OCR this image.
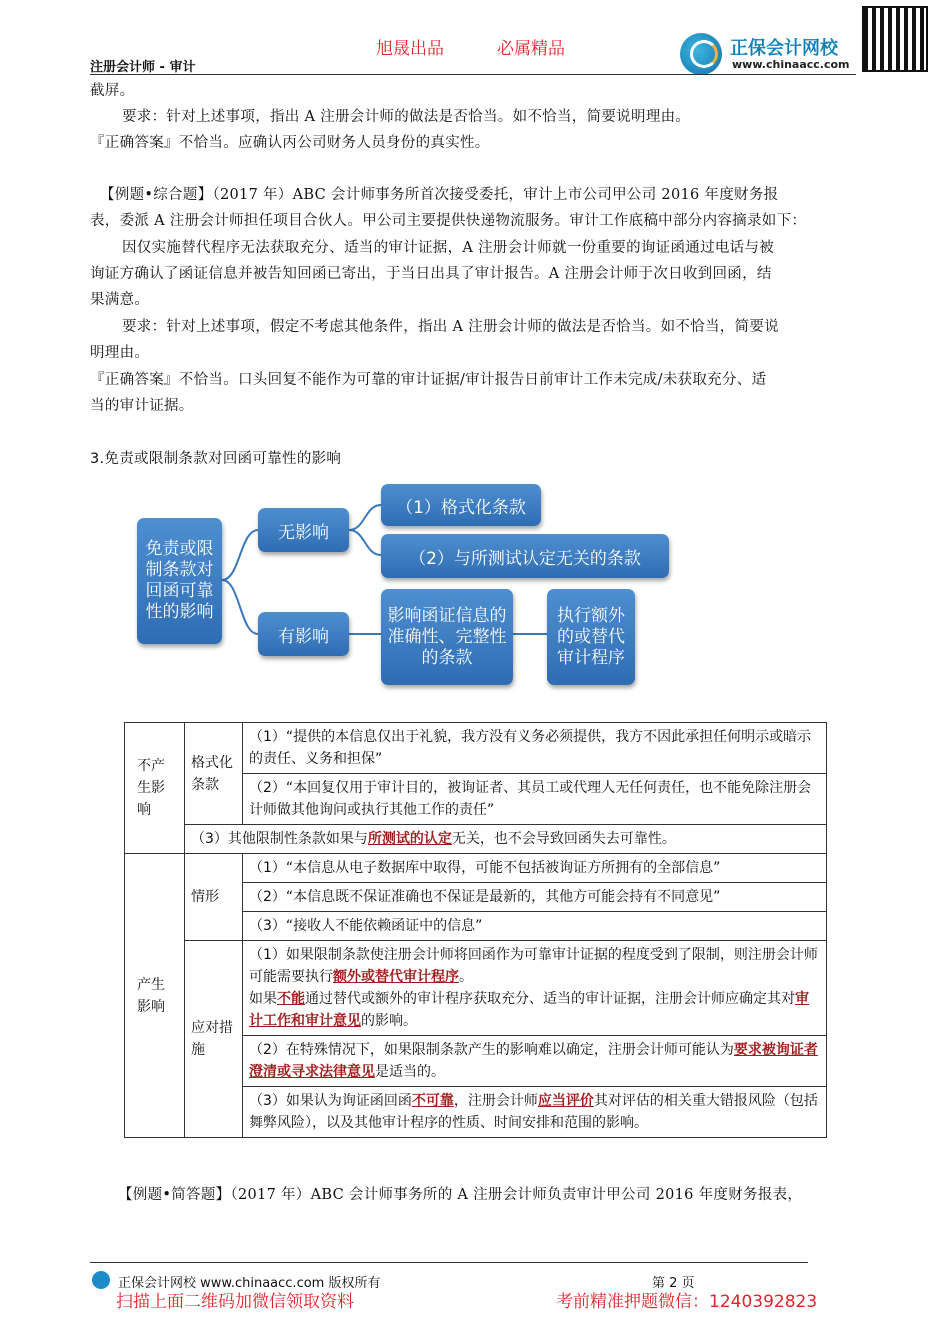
旭晟出品	必属精品
注册会计师 - 审计
正保会计网校
www.chinaacc.com

截屏。

要求：针对上述事项，指出 A 注册会计师的做法是否恰当。如不恰当，简要说明理由。

『正确答案』不恰当。应确认丙公司财务人员身份的真实性。

【例题•综合题】（2017 年）ABC 会计师事务所首次接受委托，审计上市公司甲公司 2016 年度财务报

表，委派 A 注册会计师担任项目合伙人。甲公司主要提供快递物流服务。审计工作底稿中部分内容摘录如下：

因仅实施替代程序无法获取充分、适当的审计证据，A 注册会计师就一份重要的询证函通过电话与被

询证方确认了函证信息并被告知回函已寄出，于当日出具了审计报告。A 注册会计师于次日收到回函，结

果满意。

要求：针对上述事项，假定不考虑其他条件，指出 A 注册会计师的做法是否恰当。如不恰当，简要说

明理由。

『正确答案』不恰当。口头回复不能作为可靠的审计证据/审计报告日前审计工作未完成/未获取充分、适

当的审计证据。

3.免责或限制条款对回函可靠性的影响

免责或限制条款对回函可靠性的影响
无影响
（1）格式化条款
（2）与所测试认定无关的条款
有影响
影响函证信息的准确性、完整性的条款
执行额外的或替代审计程序
不产生影响	格式化条款	（1）“提供的本信息仅出于礼貌，我方没有义务必须提供，我方不因此承担任何明示或暗示的责任、义务和担保”
		（2）“本回复仅用于审计目的，被询证者、其员工或代理人无任何责任，也不能免除注册会计师做其他询问或执行其他工作的责任”
	（3）其他限制性条款如果与所测试的认定无关，也不会导致回函失去可靠性。	
产生影响	情形	（1）“本信息从电子数据库中取得，可能不包括被询证方所拥有的全部信息”
		（2）“本信息既不保证准确也不保证是最新的，其他方可能会持有不同意见”
		（3）“接收人不能依赖函证中的信息”
	应对措施	（1）如果限制条款使注册会计师将回函作为可靠审计证据的程度受到了限制，则注册会计师可能需要执行额外或替代审计程序。
如果不能通过替代或额外的审计程序获取充分、适当的审计证据，注册会计师应确定其对审计工作和审计意见的影响。
		（2）在特殊情况下，如果限制条款产生的影响难以确定，注册会计师可能认为要求被询证者澄清或寻求法律意见是适当的。
		（3）如果认为询证函回函不可靠，注册会计师应当评价其对评估的相关重大错报风险（包括舞弊风险），以及其他审计程序的性质、时间安排和范围的影响。

【例题•简答题】（2017 年）ABC 会计师事务所的 A 注册会计师负责审计甲公司 2016 年度财务报表，

正保会计网校 www.chinaacc.com 版权所有	第 2 页
扫描上面二维码加微信领取资料	考前精准押题微信：1240392823
